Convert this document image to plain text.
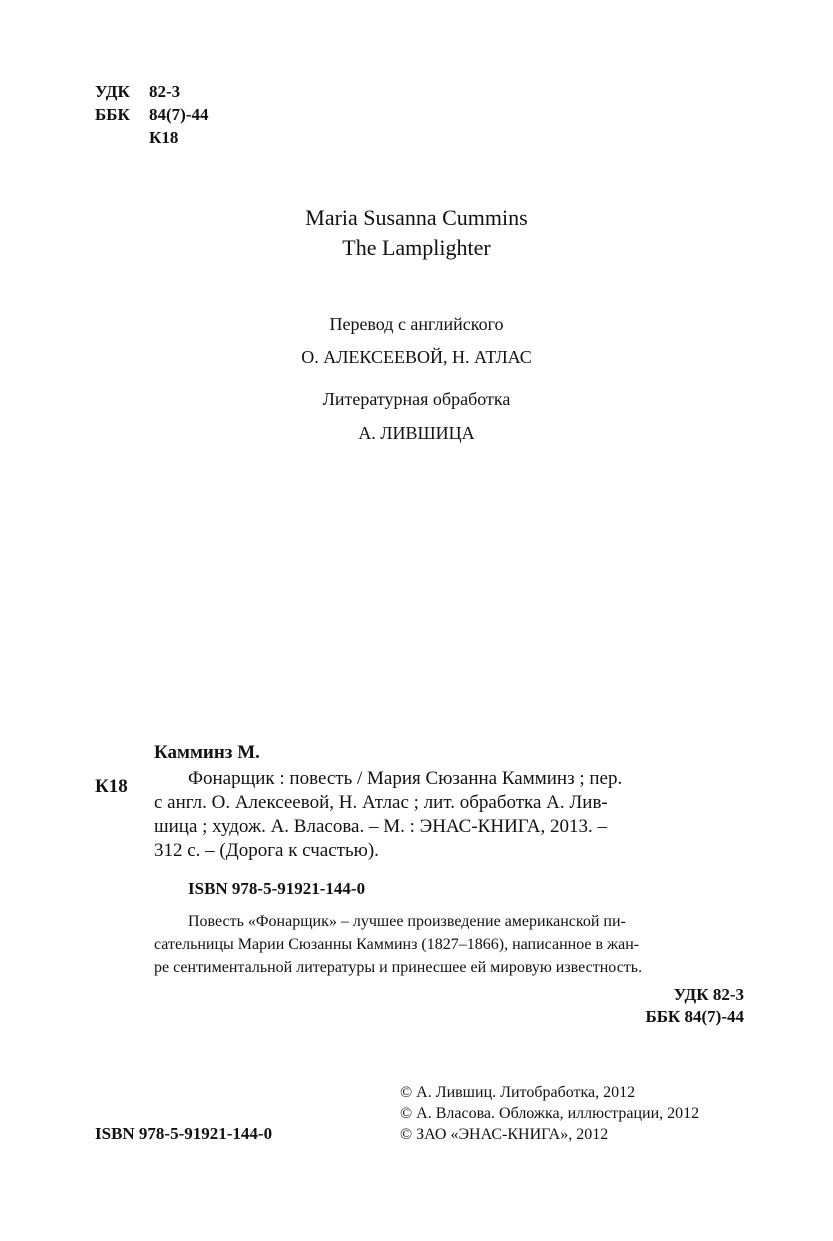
УДК 82-3
ББК 84(7)-44
К18
Maria Susanna Cummins
The Lamplighter
Перевод с английского
О. АЛЕКСЕЕВОЙ, Н. АТЛАС
Литературная обработка
А. ЛИВШИЦА
К18
Камминз М.
Фонарщик : повесть / Мария Сюзанна Камминз ; пер.
с англ. О. Алексеевой, Н. Атлас ; лит. обработка А. Лив-
шица ; худож. А. Власова. – М. : ЭНАС-КНИГА, 2013. –
312 с. – (Дорога к счастью).
ISBN 978-5-91921-144-0
Повесть «Фонарщик» – лучшее произведение американской пи-
сательницы Марии Сюзанны Камминз (1827–1866), написанное в жан-
ре сентиментальной литературы и принесшее ей мировую известность.
УДК 82-3
ББК 84(7)-44
ISBN 978-5-91921-144-0
© А. Лившиц. Литобработка, 2012
© А. Власова. Обложка, иллюстрации, 2012
© ЗАО «ЭНАС-КНИГА», 2012
